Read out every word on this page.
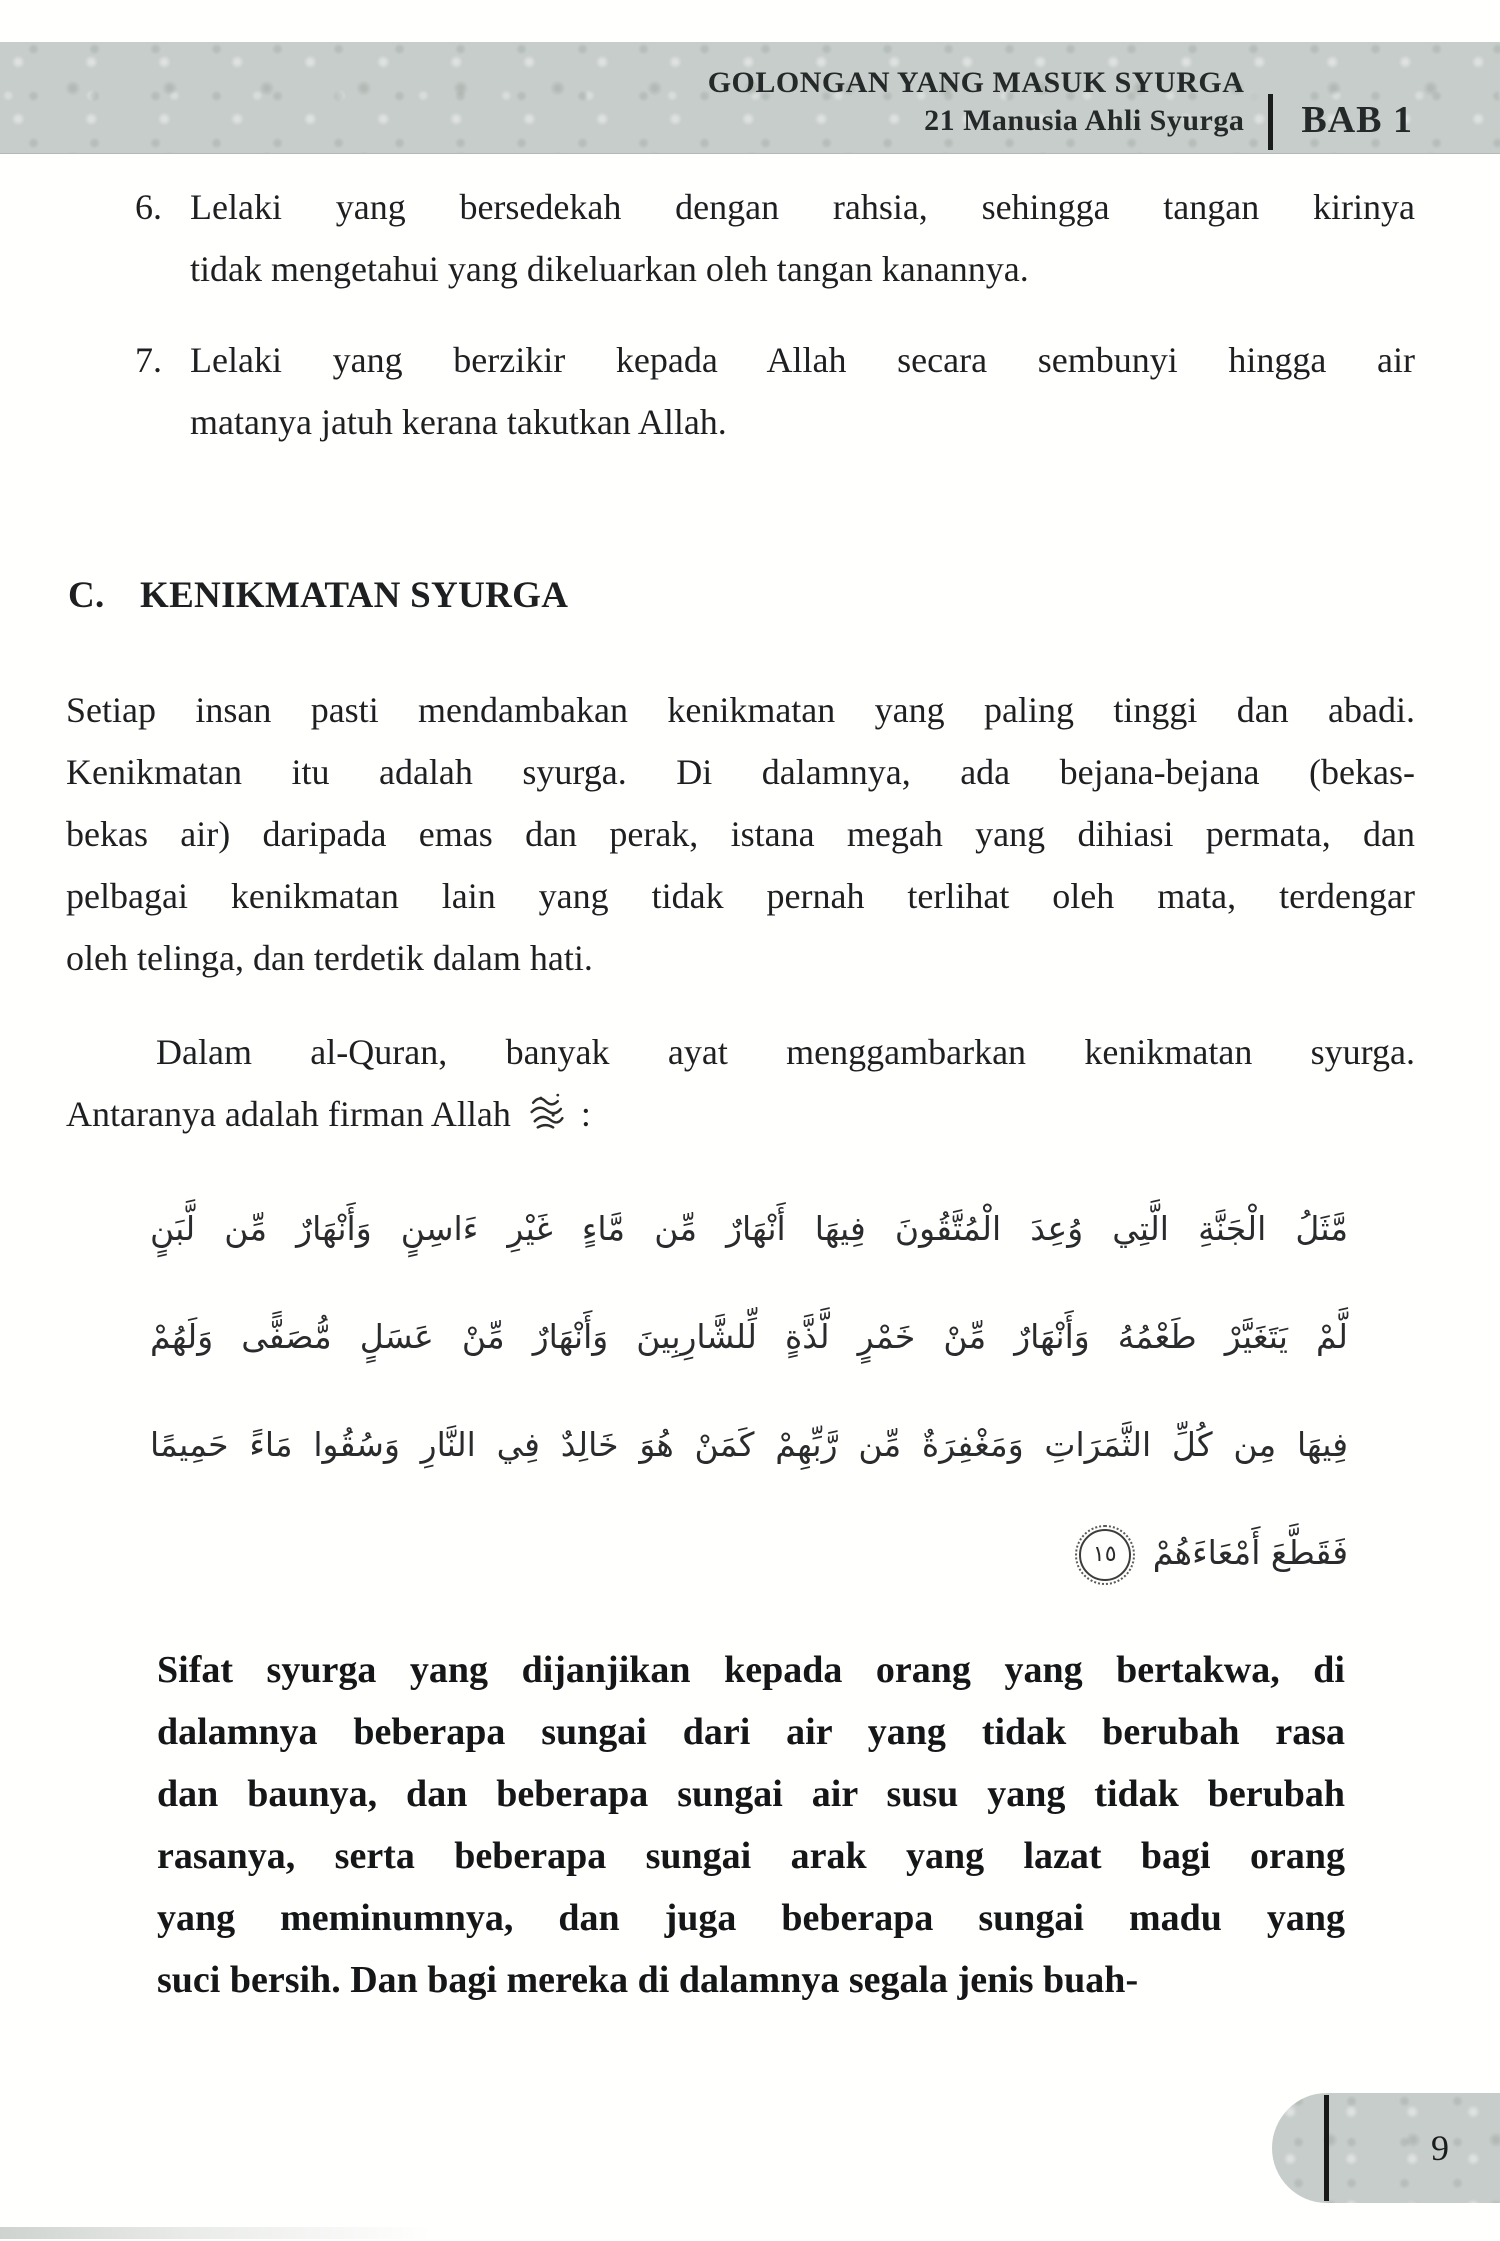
GOLONGAN YANG MASUK SYURGA
21 Manusia Ahli Syurga BAB 1
6. Lelaki yang bersedekah dengan rahsia, sehingga tangan kirinya
tidak mengetahui yang dikeluarkan oleh tangan kanannya.
7. Lelaki yang berzikir kepada Allah secara sembunyi hingga air
matanya jatuh kerana takutkan Allah.
C. KENIKMATAN SYURGA
Setiap insan pasti mendambakan kenikmatan yang paling tinggi dan abadi.
Kenikmatan itu adalah syurga. Di dalamnya, ada bejana-bejana (bekas-
bekas air) daripada emas dan perak, istana megah yang dihiasi permata, dan
pelbagai kenikmatan lain yang tidak pernah terlihat oleh mata, terdengar
oleh telinga, dan terdetik dalam hati.
Dalam al-Quran, banyak ayat menggambarkan kenikmatan syurga.
Antaranya adalah firman Allah :
مَّثَلُ الْجَنَّةِ الَّتِي وُعِدَ الْمُتَّقُونَ فِيهَا أَنْهَارٌ مِّن مَّاءٍ غَيْرِ ءَاسِنٍ وَأَنْهَارٌ مِّن لَّبَنٍ
لَّمْ يَتَغَيَّرْ طَعْمُهُ وَأَنْهَارٌ مِّنْ خَمْرٍ لَّذَّةٍ لِّلشَّارِبِينَ وَأَنْهَارٌ مِّنْ عَسَلٍ مُّصَفًّى وَلَهُمْ
فِيهَا مِن كُلِّ الثَّمَرَاتِ وَمَغْفِرَةٌ مِّن رَّبِّهِمْ كَمَنْ هُوَ خَالِدٌ فِي النَّارِ وَسُقُوا مَاءً حَمِيمًا
فَقَطَّعَ أَمْعَاءَهُمْ
١٥
Sifat syurga yang dijanjikan kepada orang yang bertakwa, di
dalamnya beberapa sungai dari air yang tidak berubah rasa
dan baunya, dan beberapa sungai air susu yang tidak berubah
rasanya, serta beberapa sungai arak yang lazat bagi orang
yang meminumnya, dan juga beberapa sungai madu yang
suci bersih. Dan bagi mereka di dalamnya segala jenis buah-
9
